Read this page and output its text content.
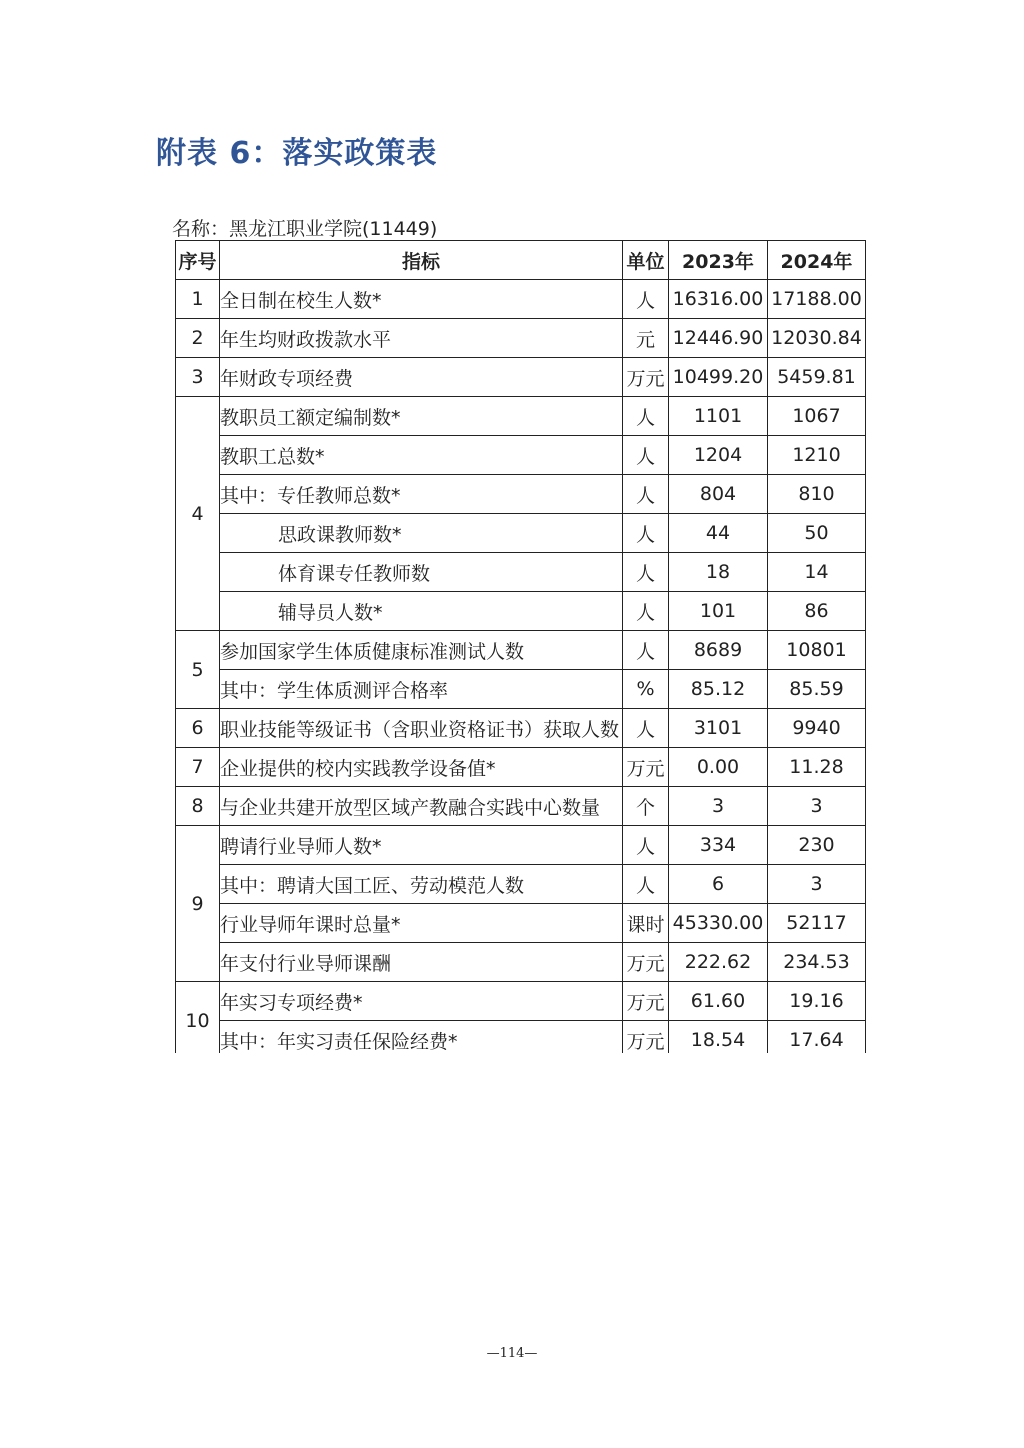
附表 6：落实政策表
名称：黑龙江职业学院(11449)
序号	指标	单位	2023年	2024年
1	全日制在校生人数*	人	16316.00	17188.00
2	年生均财政拨款水平	元	12446.90	12030.84
3	年财政专项经费	万元	10499.20	5459.81
4	教职员工额定编制数*	人	1101	1067
	教职工总数*	人	1204	1210
	其中：专任教师总数*	人	804	810
	思政课教师数*	人	44	50
	体育课专任教师数	人	18	14
	辅导员人数*	人	101	86
5	参加国家学生体质健康标准测试人数	人	8689	10801
	其中：学生体质测评合格率	%	85.12	85.59
6	职业技能等级证书（含职业资格证书）获取人数	人	3101	9940
7	企业提供的校内实践教学设备值*	万元	0.00	11.28
8	与企业共建开放型区域产教融合实践中心数量	个	3	3
9	聘请行业导师人数*	人	334	230
	其中：聘请大国工匠、劳动模范人数	人	6	3
	行业导师年课时总量*	课时	45330.00	52117
	年支付行业导师课酬	万元	222.62	234.53
10	年实习专项经费*	万元	61.60	19.16
	其中：年实习责任保险经费*	万元	18.54	17.64
—114—
